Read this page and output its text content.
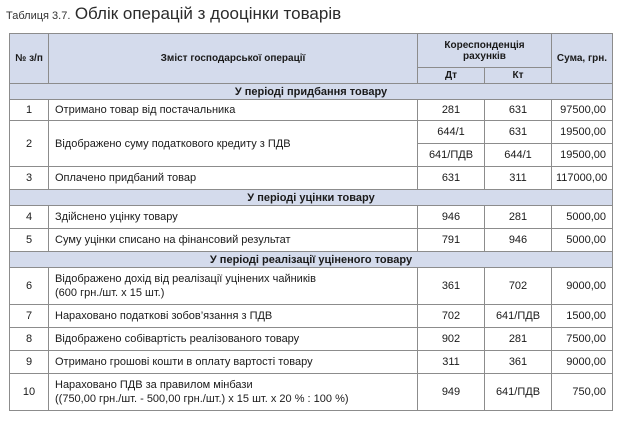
Таблиця 3.7. Облік операцій з дооцінки товарів
№ з/п	Зміст господарської операції	Кореспонденція рахунків		Сума, грн.
		Дт	Кт	
У періоді придбання товару				
1	Отримано товар від постачальника	281	631	97500,00
2	Відображено суму податкового кредиту з ПДВ	644/1	631	19500,00
		641/ПДВ	644/1	19500,00
3	Оплачено придбаний товар	631	311	117000,00
У періоді уцінки товару				
4	Здійснено уцінку товару	946	281	5000,00
5	Суму уцінки списано на фінансовий результат	791	946	5000,00
У періоді реалізації уціненого товару				
6	Відображено дохід від реалізації уцінених чайників
(600 грн./шт. х 15 шт.)	361	702	9000,00
7	Нараховано податкові зобов’язання з ПДВ	702	641/ПДВ	1500,00
8	Відображено собівартість реалізованого товару	902	281	7500,00
9	Отримано грошові кошти в оплату вартості товару	311	361	9000,00
10	Нараховано ПДВ за правилом мінбази
((750,00 грн./шт. - 500,00 грн./шт.) х 15 шт. х 20 % : 100 %)	949	641/ПДВ	750,00
